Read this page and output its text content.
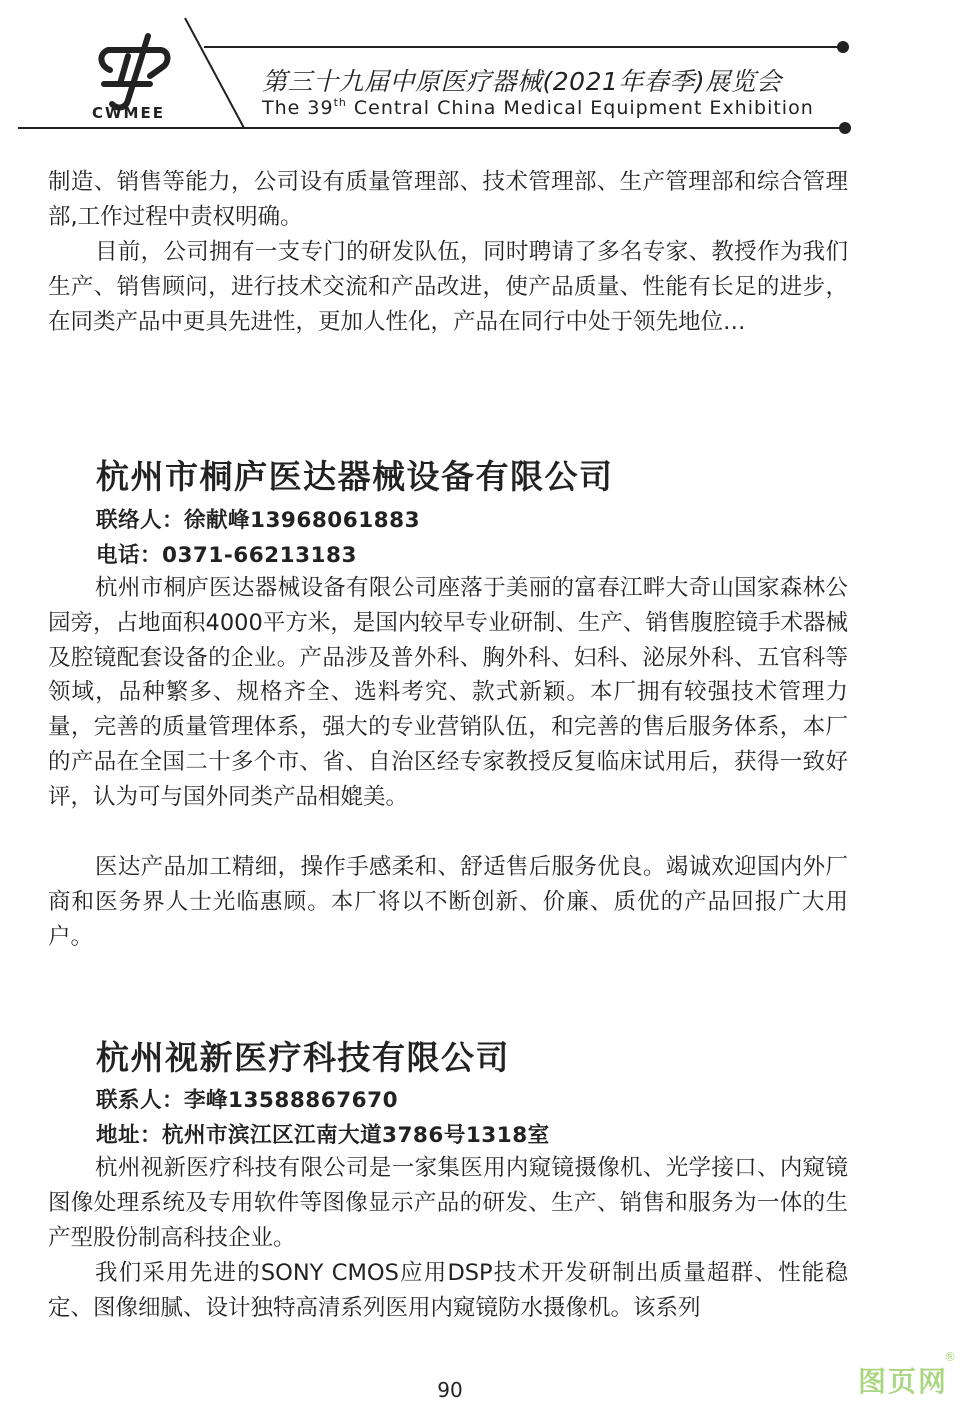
CWMEE
第三十九届中原医疗器械(2021年春季)展览会
The 39th Central China Medical Equipment Exhibition

制造、销售等能力，公司设有质量管理部、技术管理部、生产管理部和综合管理部,工作过程中责权明确。

目前，公司拥有一支专门的研发队伍，同时聘请了多名专家、教授作为我们生产、销售顾问，进行技术交流和产品改进，使产品质量、性能有长足的进步，在同类产品中更具先进性，更加人性化，产品在同行中处于领先地位…

杭州市桐庐医达器械设备有限公司
联络人：徐献峰13968061883
电话：0371-66213183

杭州市桐庐医达器械设备有限公司座落于美丽的富春江畔大奇山国家森林公园旁，占地面积4000平方米，是国内较早专业研制、生产、销售腹腔镜手术器械及腔镜配套设备的企业。产品涉及普外科、胸外科、妇科、泌尿外科、五官科等领域，品种繁多、规格齐全、选料考究、款式新颖。本厂拥有较强技术管理力量，完善的质量管理体系，强大的专业营销队伍，和完善的售后服务体系，本厂的产品在全国二十多个市、省、自治区经专家教授反复临床试用后，获得一致好评，认为可与国外同类产品相媲美。

医达产品加工精细，操作手感柔和、舒适售后服务优良。竭诚欢迎国内外厂商和医务界人士光临惠顾。本厂将以不断创新、价廉、质优的产品回报广大用户。

杭州视新医疗科技有限公司
联系人：李峰13588867670
地址：杭州市滨江区江南大道3786号1318室

杭州视新医疗科技有限公司是一家集医用内窥镜摄像机、光学接口、内窥镜图像处理系统及专用软件等图像显示产品的研发、生产、销售和服务为一体的生产型股份制高科技企业。

我们采用先进的SONY CMOS应用DSP技术开发研制出质量超群、性能稳定、图像细腻、设计独特高清系列医用内窥镜防水摄像机。该系列

90	图页网
®
